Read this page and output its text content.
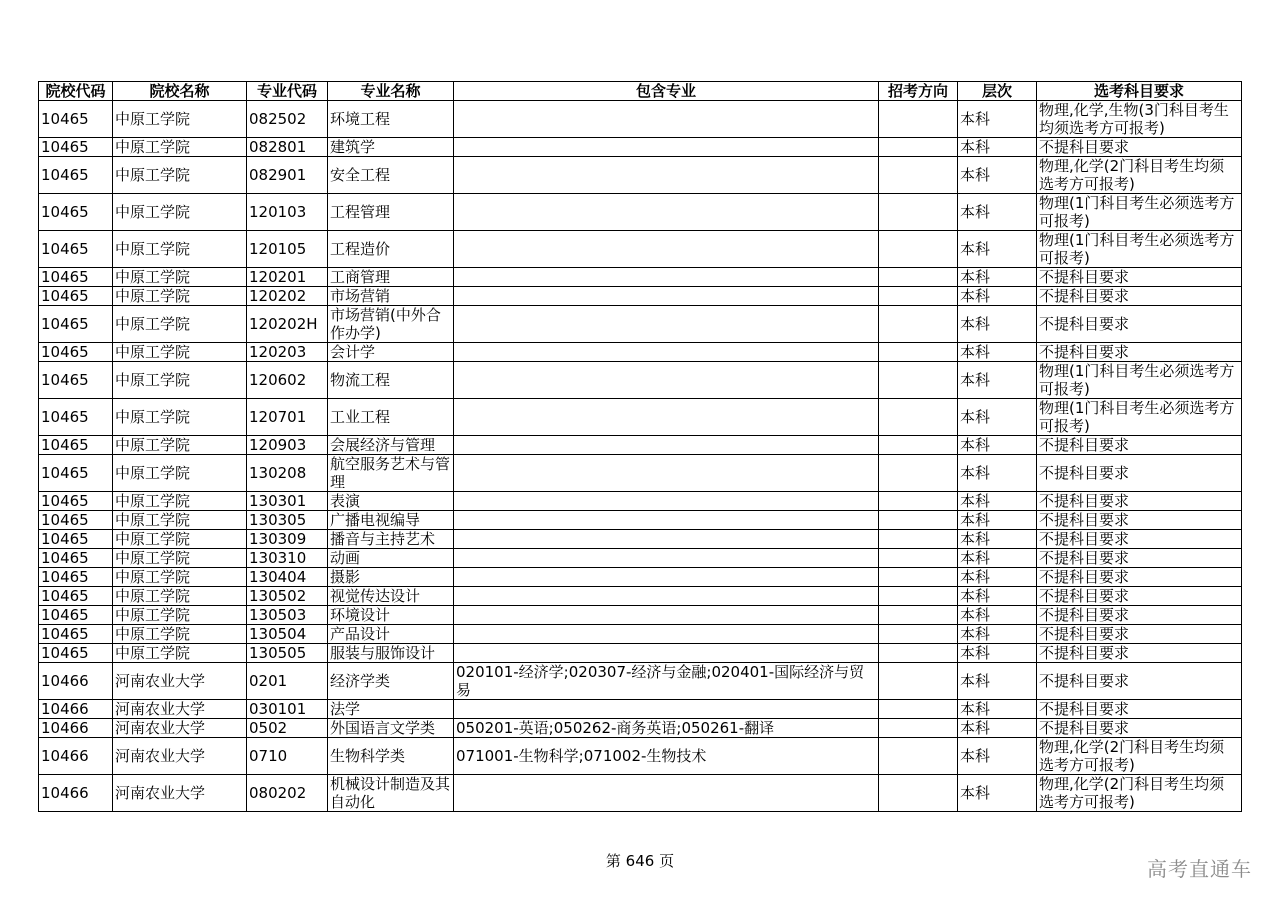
院校代码	院校名称	专业代码	专业名称	包含专业	招考方向	层次	选考科目要求
10465	中原工学院	082502	环境工程			本科	物理,化学,生物(3门科目考生均须选考方可报考)
10465	中原工学院	082801	建筑学			本科	不提科目要求
10465	中原工学院	082901	安全工程			本科	物理,化学(2门科目考生均须选考方可报考)
10465	中原工学院	120103	工程管理			本科	物理(1门科目考生必须选考方可报考)
10465	中原工学院	120105	工程造价			本科	物理(1门科目考生必须选考方可报考)
10465	中原工学院	120201	工商管理			本科	不提科目要求
10465	中原工学院	120202	市场营销			本科	不提科目要求
10465	中原工学院	120202H	市场营销(中外合作办学)			本科	不提科目要求
10465	中原工学院	120203	会计学			本科	不提科目要求
10465	中原工学院	120602	物流工程			本科	物理(1门科目考生必须选考方可报考)
10465	中原工学院	120701	工业工程			本科	物理(1门科目考生必须选考方可报考)
10465	中原工学院	120903	会展经济与管理			本科	不提科目要求
10465	中原工学院	130208	航空服务艺术与管理			本科	不提科目要求
10465	中原工学院	130301	表演			本科	不提科目要求
10465	中原工学院	130305	广播电视编导			本科	不提科目要求
10465	中原工学院	130309	播音与主持艺术			本科	不提科目要求
10465	中原工学院	130310	动画			本科	不提科目要求
10465	中原工学院	130404	摄影			本科	不提科目要求
10465	中原工学院	130502	视觉传达设计			本科	不提科目要求
10465	中原工学院	130503	环境设计			本科	不提科目要求
10465	中原工学院	130504	产品设计			本科	不提科目要求
10465	中原工学院	130505	服装与服饰设计			本科	不提科目要求
10466	河南农业大学	0201	经济学类	020101-经济学;020307-经济与金融;020401-国际经济与贸易		本科	不提科目要求
10466	河南农业大学	030101	法学			本科	不提科目要求
10466	河南农业大学	0502	外国语言文学类	050201-英语;050262-商务英语;050261-翻译		本科	不提科目要求
10466	河南农业大学	0710	生物科学类	071001-生物科学;071002-生物技术		本科	物理,化学(2门科目考生均须选考方可报考)
10466	河南农业大学	080202	机械设计制造及其自动化			本科	物理,化学(2门科目考生均须选考方可报考)
第 646 页	高考直通车
